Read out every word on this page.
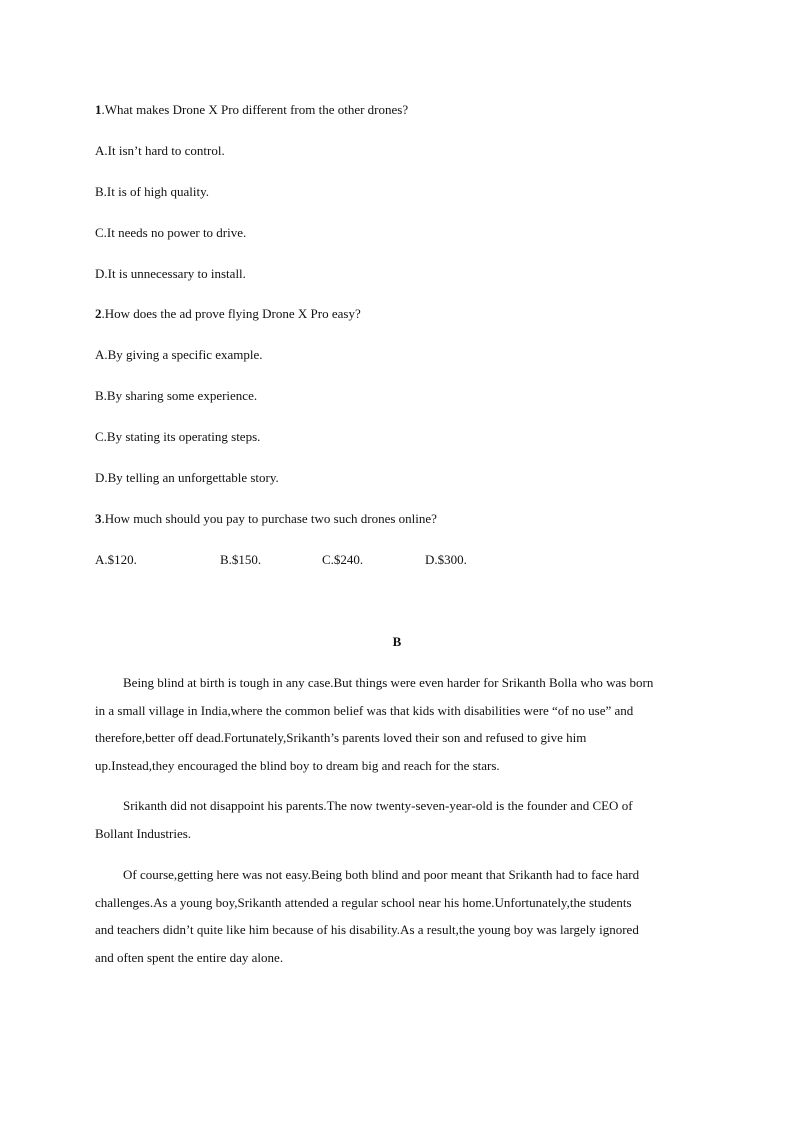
1.What makes Drone X Pro different from the other drones?
A.It isn’t hard to control.
B.It is of high quality.
C.It needs no power to drive.
D.It is unnecessary to install.
2.How does the ad prove flying Drone X Pro easy?
A.By giving a specific example.
B.By sharing some experience.
C.By stating its operating steps.
D.By telling an unforgettable story.
3.How much should you pay to purchase two such drones online?
A.$120.	B.$150.	C.$240.	D.$300.
B
Being blind at birth is tough in any case.But things were even harder for Srikanth Bolla who was born
in a small village in India,where the common belief was that kids with disabilities were “of no use” and
therefore,better off dead.Fortunately,Srikanth’s parents loved their son and refused to give him
up.Instead,they encouraged the blind boy to dream big and reach for the stars.
Srikanth did not disappoint his parents.The now twenty-seven-year-old is the founder and CEO of
Bollant Industries.
Of course,getting here was not easy.Being both blind and poor meant that Srikanth had to face hard
challenges.As a young boy,Srikanth attended a regular school near his home.Unfortunately,the students
and teachers didn’t quite like him because of his disability.As a result,the young boy was largely ignored
and often spent the entire day alone.
